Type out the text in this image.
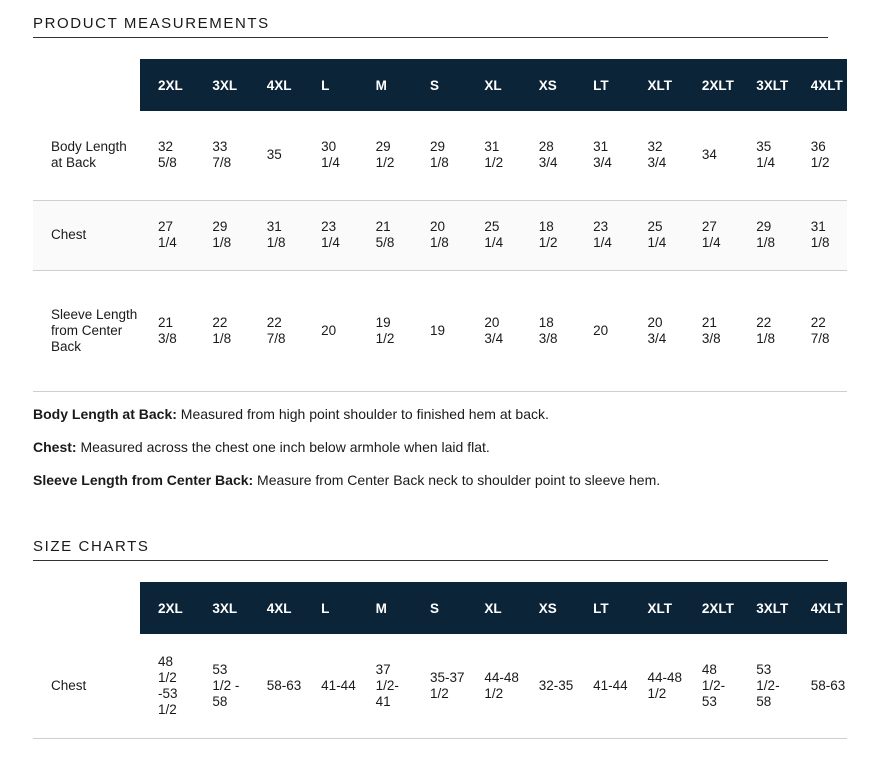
PRODUCT MEASUREMENTS
	2XL	3XL	4XL	L	M	S	XL	XS	LT	XLT	2XLT	3XLT	4XLT
Body Length at Back	32 5/8	33 7/8	35	30 1/4	29 1/2	29 1/8	31 1/2	28 3/4	31 3/4	32 3/4	34	35 1/4	36 1/2
Chest	27 1/4	29 1/8	31 1/8	23 1/4	21 5/8	20 1/8	25 1/4	18 1/2	23 1/4	25 1/4	27 1/4	29 1/8	31 1/8
Sleeve Length from Center Back	21 3/8	22 1/8	22 7/8	20	19 1/2	19	20 3/4	18 3/8	20	20 3/4	21 3/8	22 1/8	22 7/8

Body Length at Back: Measured from high point shoulder to finished hem at back.

Chest: Measured across the chest one inch below armhole when laid flat.

Sleeve Length from Center Back: Measure from Center Back neck to shoulder point to sleeve hem.

SIZE CHARTS
	2XL	3XL	4XL	L	M	S	XL	XS	LT	XLT	2XLT	3XLT	4XLT
Chest	48 1/2 -53 1/2	53 1/2 - 58	58-63	41-44	37 1/2-41	35-37 1/2	44-48 1/2	32-35	41-44	44-48 1/2	48 1/2-53	53 1/2-58	58-63
